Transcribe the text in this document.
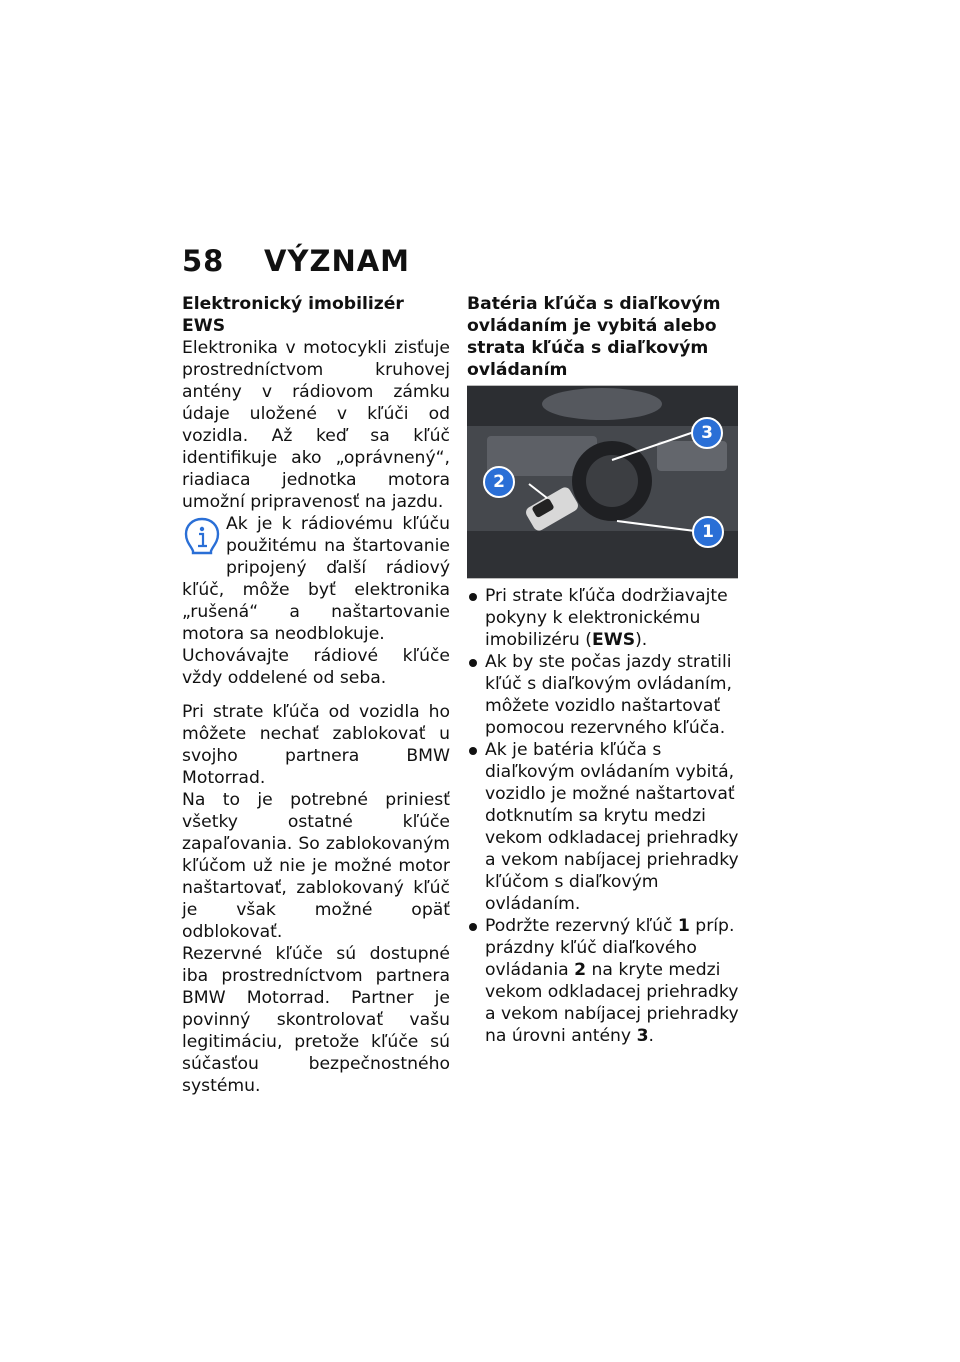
58 VÝZNAM
Elektronický imobilizér EWS

Elektronika v motocykli zisťuje prostredníctvom kruhovej antény v rádiovom zámku údaje uložené v kľúči od vozidla. Až keď sa kľúč identifikuje ako „oprávnený“, riadiaca jednotka motora umožní pripravenosť na jazdu.

Ak je k rádiovému kľúču použitému na štartovanie pripojený ďalší rádiový kľúč, môže byť elektronika „rušená“ a naštartovanie motora sa neodblokuje.

Uchovávajte rádiové kľúče vždy oddelené od seba.

Pri strate kľúča od vozidla ho môžete nechať zablokovať u svojho partnera BMW Motorrad.

Na to je potrebné priniesť všetky ostatné kľúče zapaľovania. So zablokovaným kľúčom už nie je možné motor naštartovať, zablokovaný kľúč je však možné opäť odblokovať.

Rezervné kľúče sú dostupné iba prostredníctvom partnera BMW Motorrad. Partner je povinný skontrolovať vašu legitimáciu, pretože kľúče sú súčasťou bezpečnostného systému.

Batéria kľúča s diaľkovým ovládaním je vybitá alebo strata kľúča s diaľkovým ovládaním
1
2
3
Pri strate kľúča dodržiavajte pokyny k elektronickému imobilizéru (EWS).
Ak by ste počas jazdy stratili kľúč s diaľkovým ovládaním, môžete vozidlo naštartovať pomocou rezervného kľúča.
Ak je batéria kľúča s diaľkovým ovládaním vybitá, vozidlo je možné naštartovať dotknutím sa krytu medzi vekom odkladacej priehradky a vekom nabíjacej priehradky kľúčom s diaľkovým ovládaním.
Podržte rezervný kľúč 1 príp. prázdny kľúč diaľkového ovládania 2 na kryte medzi vekom odkladacej priehradky a vekom nabíjacej priehradky na úrovni antény 3.
